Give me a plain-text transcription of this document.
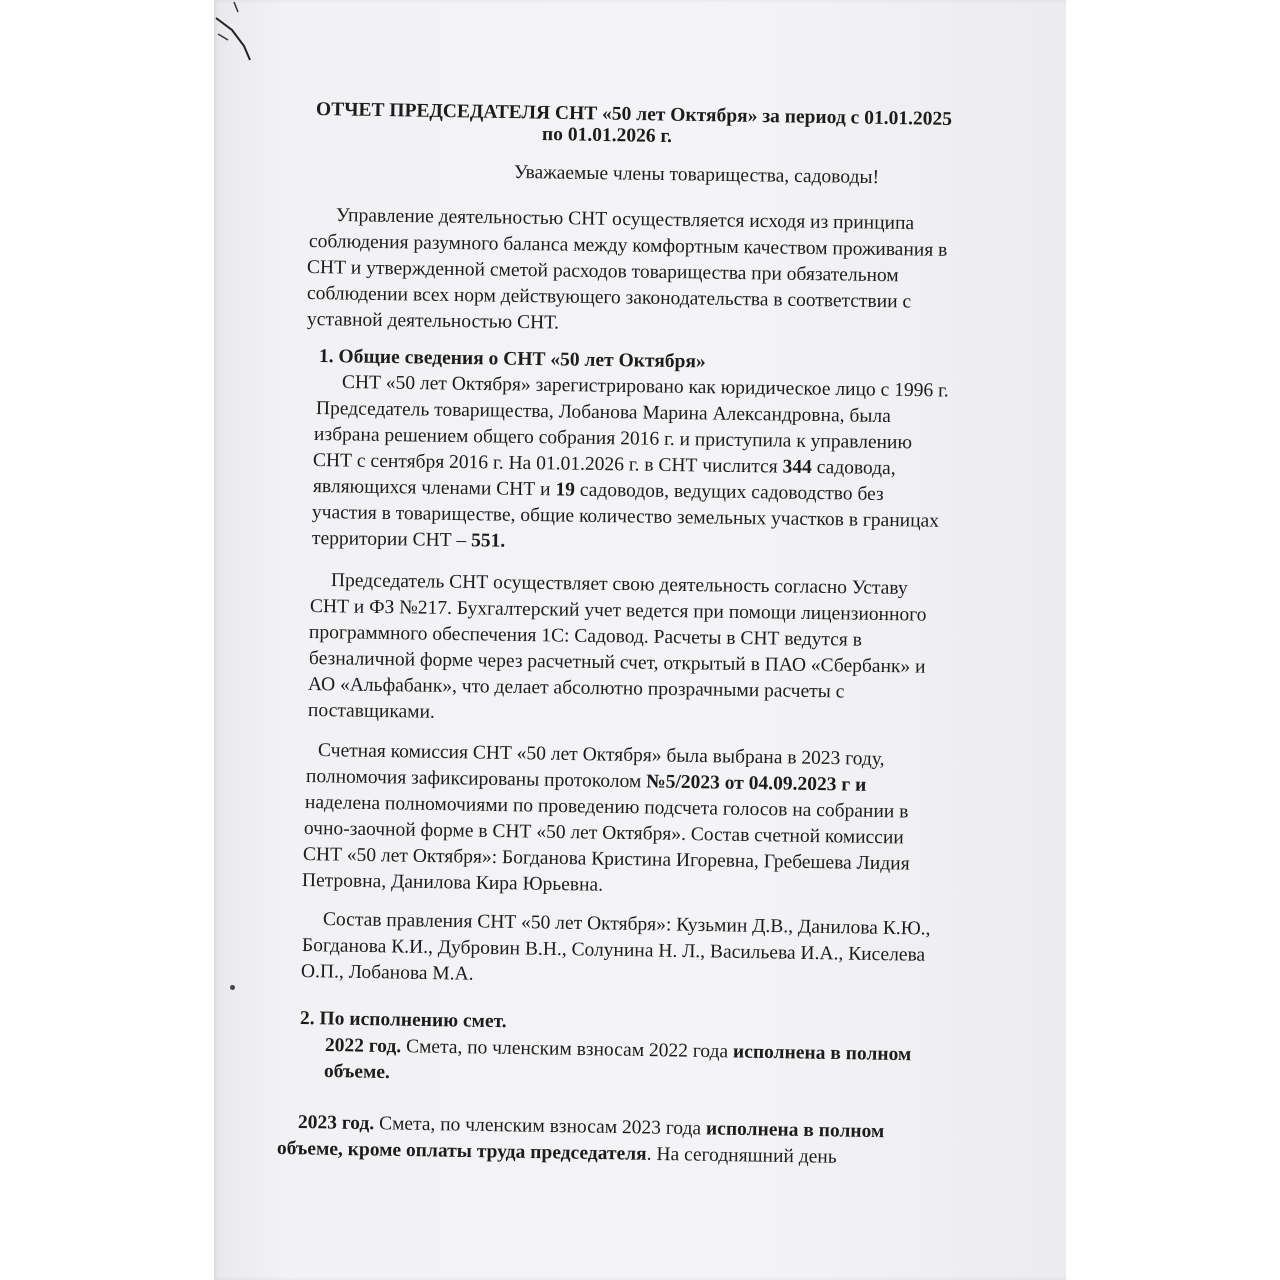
ОТЧЕТ ПРЕДСЕДАТЕЛЯ СНТ «50 лет Октября» за период с 01.01.2025
по 01.01.2026 г.
Уважаемые члены товарищества, садоводы!
Управление деятельностью СНТ осуществляется исходя из принципа
соблюдения разумного баланса между комфортным качеством проживания в
СНТ и утвержденной сметой расходов товарищества при обязательном
соблюдении всех норм действующего законодательства в соответствии с
уставной деятельностью СНТ.
1. Общие сведения о СНТ «50 лет Октября»
СНТ «50 лет Октября» зарегистрировано как юридическое лицо с 1996 г.
Председатель товарищества, Лобанова Марина Александровна, была
избрана решением общего собрания 2016 г. и приступила к управлению
СНТ с сентября 2016 г. На 01.01.2026 г. в СНТ числится 344 садовода,
являющихся членами СНТ и 19 садоводов, ведущих садоводство без
участия в товариществе, общие количество земельных участков в границах
территории СНТ – 551.
Председатель СНТ осуществляет свою деятельность согласно Уставу
СНТ и ФЗ №217. Бухгалтерский учет ведется при помощи лицензионного
программного обеспечения 1С: Садовод. Расчеты в СНТ ведутся в
безналичной форме через расчетный счет, открытый в ПАО «Сбербанк» и
АО «Альфабанк», что делает абсолютно прозрачными расчеты с
поставщиками.
Счетная комиссия СНТ «50 лет Октября» была выбрана в 2023 году,
полномочия зафиксированы протоколом №5/2023 от 04.09.2023 г и
наделена полномочиями по проведению подсчета голосов на собрании в
очно-заочной форме в СНТ «50 лет Октября». Состав счетной комиссии
СНТ «50 лет Октября»: Богданова Кристина Игоревна, Гребешева Лидия
Петровна, Данилова Кира Юрьевна.
Состав правления СНТ «50 лет Октября»: Кузьмин Д.В., Данилова К.Ю.,
Богданова К.И., Дубровин В.Н., Солунина Н. Л., Васильева И.А., Киселева
О.П., Лобанова М.А.
2. По исполнению смет.
2022 год. Смета, по членским взносам 2022 года исполнена в полном
объеме.
2023 год. Смета, по членским взносам 2023 года исполнена в полном
объеме, кроме оплаты труда председателя. На сегодняшний день
